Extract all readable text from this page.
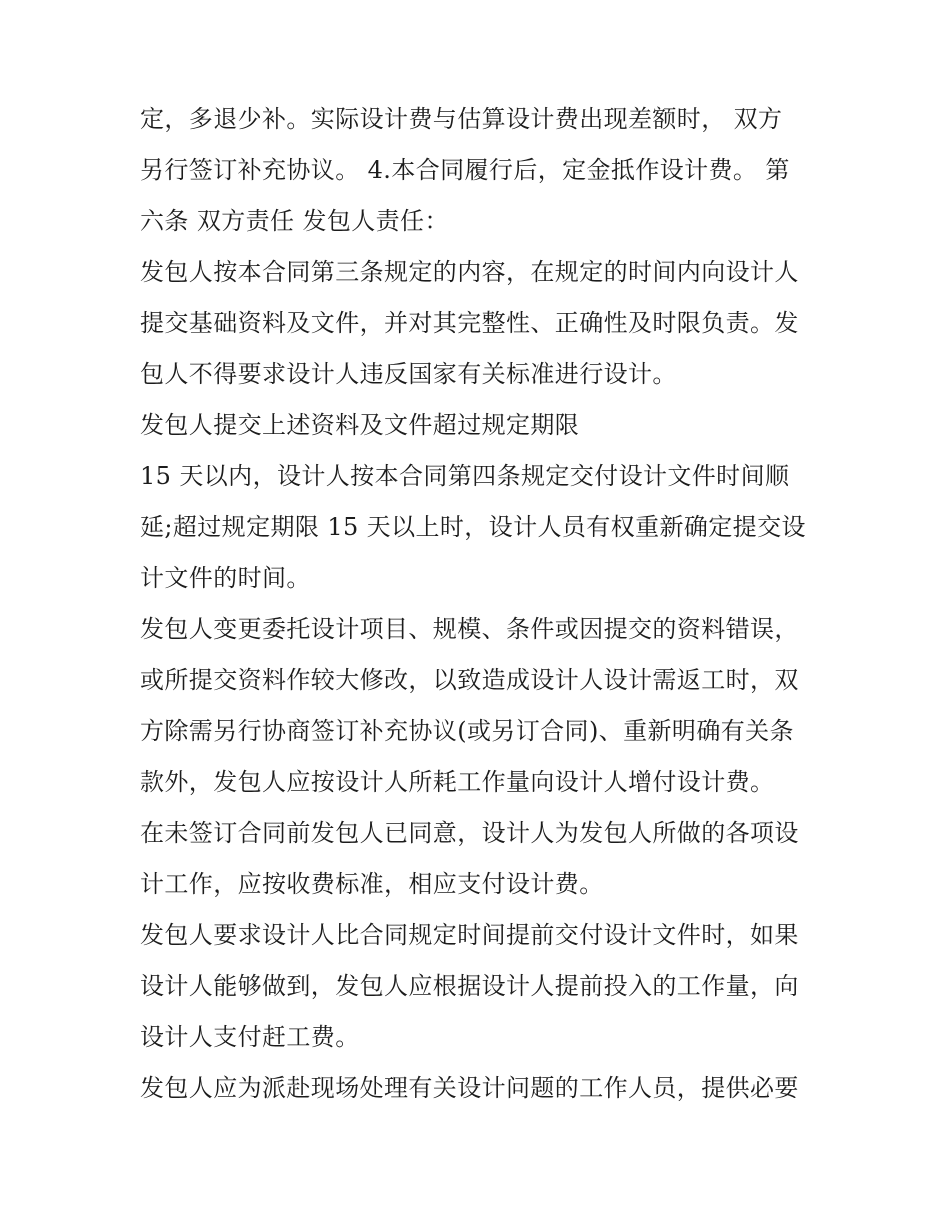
定，多退少补。实际设计费与估算设计费出现差额时， 双方
另行签订补充协议。 4.本合同履行后，定金抵作设计费。 第
六条 双方责任 发包人责任：
发包人按本合同第三条规定的内容，在规定的时间内向设计人
提交基础资料及文件，并对其完整性、正确性及时限负责。发
包人不得要求设计人违反国家有关标准进行设计。
发包人提交上述资料及文件超过规定期限
15 天以内，设计人按本合同第四条规定交付设计文件时间顺
延;超过规定期限 15 天以上时，设计人员有权重新确定提交设
计文件的时间。
发包人变更委托设计项目、规模、条件或因提交的资料错误，
或所提交资料作较大修改，以致造成设计人设计需返工时，双
方除需另行协商签订补充协议(或另订合同)、重新明确有关条
款外，发包人应按设计人所耗工作量向设计人增付设计费。
在未签订合同前发包人已同意，设计人为发包人所做的各项设
计工作，应按收费标准，相应支付设计费。
发包人要求设计人比合同规定时间提前交付设计文件时，如果
设计人能够做到，发包人应根据设计人提前投入的工作量，向
设计人支付赶工费。
发包人应为派赴现场处理有关设计问题的工作人员，提供必要
